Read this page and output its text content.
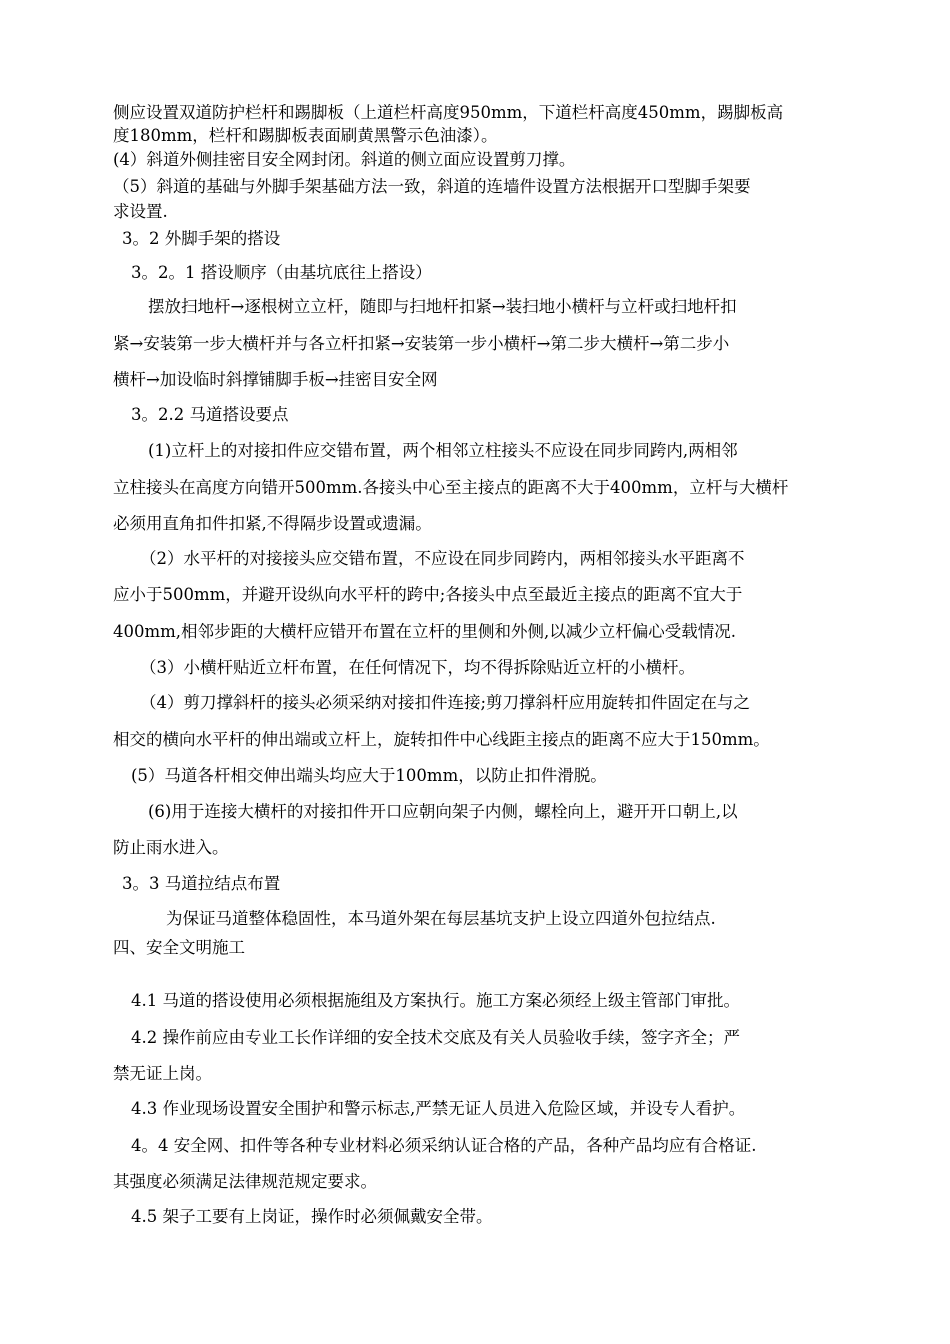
侧应设置双道防护栏杆和踢脚板（上道栏杆高度950mm，下道栏杆高度450mm，踢脚板高
度180mm，栏杆和踢脚板表面刷黄黑警示色油漆）。
(4）斜道外侧挂密目安全网封闭。斜道的侧立面应设置剪刀撑。
（5）斜道的基础与外脚手架基础方法一致，斜道的连墙件设置方法根据开口型脚手架要
求设置.
3。2 外脚手架的搭设
3。2。1 搭设顺序（由基坑底往上搭设）
摆放扫地杆→逐根树立立杆，随即与扫地杆扣紧→装扫地小横杆与立杆或扫地杆扣
紧→安装第一步大横杆并与各立杆扣紧→安装第一步小横杆→第二步大横杆→第二步小
横杆→加设临时斜撑铺脚手板→挂密目安全网
3。2.2 马道搭设要点
(1)立杆上的对接扣件应交错布置，两个相邻立柱接头不应设在同步同跨内,两相邻
立柱接头在高度方向错开500mm.各接头中心至主接点的距离不大于400mm，立杆与大横杆
必须用直角扣件扣紧,不得隔步设置或遗漏。
（2）水平杆的对接接头应交错布置，不应设在同步同跨内，两相邻接头水平距离不
应小于500mm，并避开设纵向水平杆的跨中;各接头中点至最近主接点的距离不宜大于
400mm,相邻步距的大横杆应错开布置在立杆的里侧和外侧,以减少立杆偏心受载情况.
（3）小横杆贴近立杆布置，在任何情况下，均不得拆除贴近立杆的小横杆。
（4）剪刀撑斜杆的接头必须采纳对接扣件连接;剪刀撑斜杆应用旋转扣件固定在与之
相交的横向水平杆的伸出端或立杆上，旋转扣件中心线距主接点的距离不应大于150mm。
(5）马道各杆相交伸出端头均应大于100mm，以防止扣件滑脱。
(6)用于连接大横杆的对接扣件开口应朝向架子内侧，螺栓向上，避开开口朝上,以
防止雨水进入。
3。3 马道拉结点布置
为保证马道整体稳固性，本马道外架在每层基坑支护上设立四道外包拉结点.
四、安全文明施工
4.1 马道的搭设使用必须根据施组及方案执行。施工方案必须经上级主管部门审批。
4.2 操作前应由专业工长作详细的安全技术交底及有关人员验收手续，签字齐全；严
禁无证上岗。
4.3 作业现场设置安全围护和警示标志,严禁无证人员进入危险区域，并设专人看护。
4。4 安全网、扣件等各种专业材料必须采纳认证合格的产品，各种产品均应有合格证.
其强度必须满足法律规范规定要求。
4.5 架子工要有上岗证，操作时必须佩戴安全带。
